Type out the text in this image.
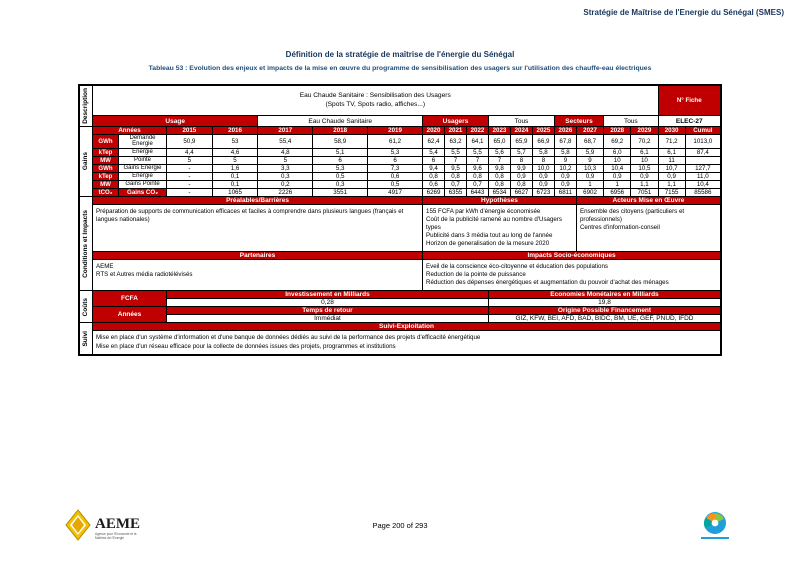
Stratégie de Maîtrise de l'Energie du Sénégal (SMES)
Définition de la stratégie de maîtrise de l'énergie du Sénégal
Tableau 53 : Evolution des enjeux et impacts de la mise en œuvre du programme de sensibilisation des usagers sur l'utilisation des chauffe-eau électriques
Description	Eau Chaude Sanitaire : Sensibilisation des Usagers
(Spots TV, Spots radio, affiches...)																	N° Fiche	
	Usage				Eau Chaude Sanitaire			Usagers			Tous			Secteurs		Tous		ELEC-27	

Gains	Années		2015	2016	2017	2018	2019	2020	2021	2022	2023	2024	2025	2026	2027	2028	2029	2030	Cumul
	GWh	Demande Energie	50,9	53	55,4	58,9	61,2	62,4	63,2	64,1	65,0	65,9	66,9	67,8	68,7	69,2	70,2	71,2	1013,0
	kTep	Energie	4,4	4,6	4,8	5,1	5,3	5,4	5,5	5,5	5,6	5,7	5,8	5,8	5,9	6,0	6,1	6,1	87,4
	MW	Pointe	5	5	5	6	6	6	7	7	7	8	8	9	9	10	10	11	
	GWh	Gains Energie	-	1,6	3,3	5,3	7,3	9,4	9,5	9,6	9,8	9,9	10,0	10,2	10,3	10,4	10,5	10,7	127,7
	kTep	Energie	-	0,1	0,3	0,5	0,6	0,8	0,8	0,8	0,8	0,9	0,9	0,9	0,9	0,9	0,9	0,9	11,0
	MW	Gains Pointe	-	0,1	0,2	0,3	0,5	0,6	0,7	0,7	0,8	0,8	0,9	0,9	1	1	1,1	1,1	10,4
	tCO₂	Gains CO₂	-	1065	2226	3551	4917	6269	6355	6443	6534	6627	6723	6811	6902	6956	7051	7155	85586

Conditions et Impacts	Préalables/Barrières							Hypothèses							Acteurs Mise en Œuvre				
Préparation de supports de communication efficaces et faciles à comprendre dans plusieurs langues (français et langues nationales)	
155 FCFA par kWh d'énergie économisée
Coût de la publicité ramené au nombre d'Usagers types
Publicité dans 3 média tout au long de l'année
Horizon de generalisation de la mesure 2020

Ensemble des citoyens (particuliers et professionnels)
Centres d'information-conseil

	Partenaires							Impacts Socio-économiques											

AEME
RTS et Autres média radiotélévisés

Eveil de la conscience éco-citoyenne et éducation des populations
Reduction de la pointe de puissance
Réduction des dépenses énergétiques et augmentation du pouvoir d'achat des ménages

Coûts	FCFA		Investissement en Milliards								Economies Monétaires en Milliards								
			0,28								19,8								
	Années		Temps de retour								Origine Possible Financement								
			Immédiat								GIZ, KFW, BEI, AFD, BAD, BIDC, BM, UE, GEF, PNUD, IFDD								

Suivi	Suivi-Exploitation																		

	Mise en place d'un système d'information et d'une banque de données dédiés au suivi de la performance des projets d'efficacité énergétique
Mise en place d'un réseau efficace pour la collecte de données issues des projets, programmes et institutions																		
Page 200 of 293
AEME
Agence pour l'Economie et la
Maîtrise de l'Energie
